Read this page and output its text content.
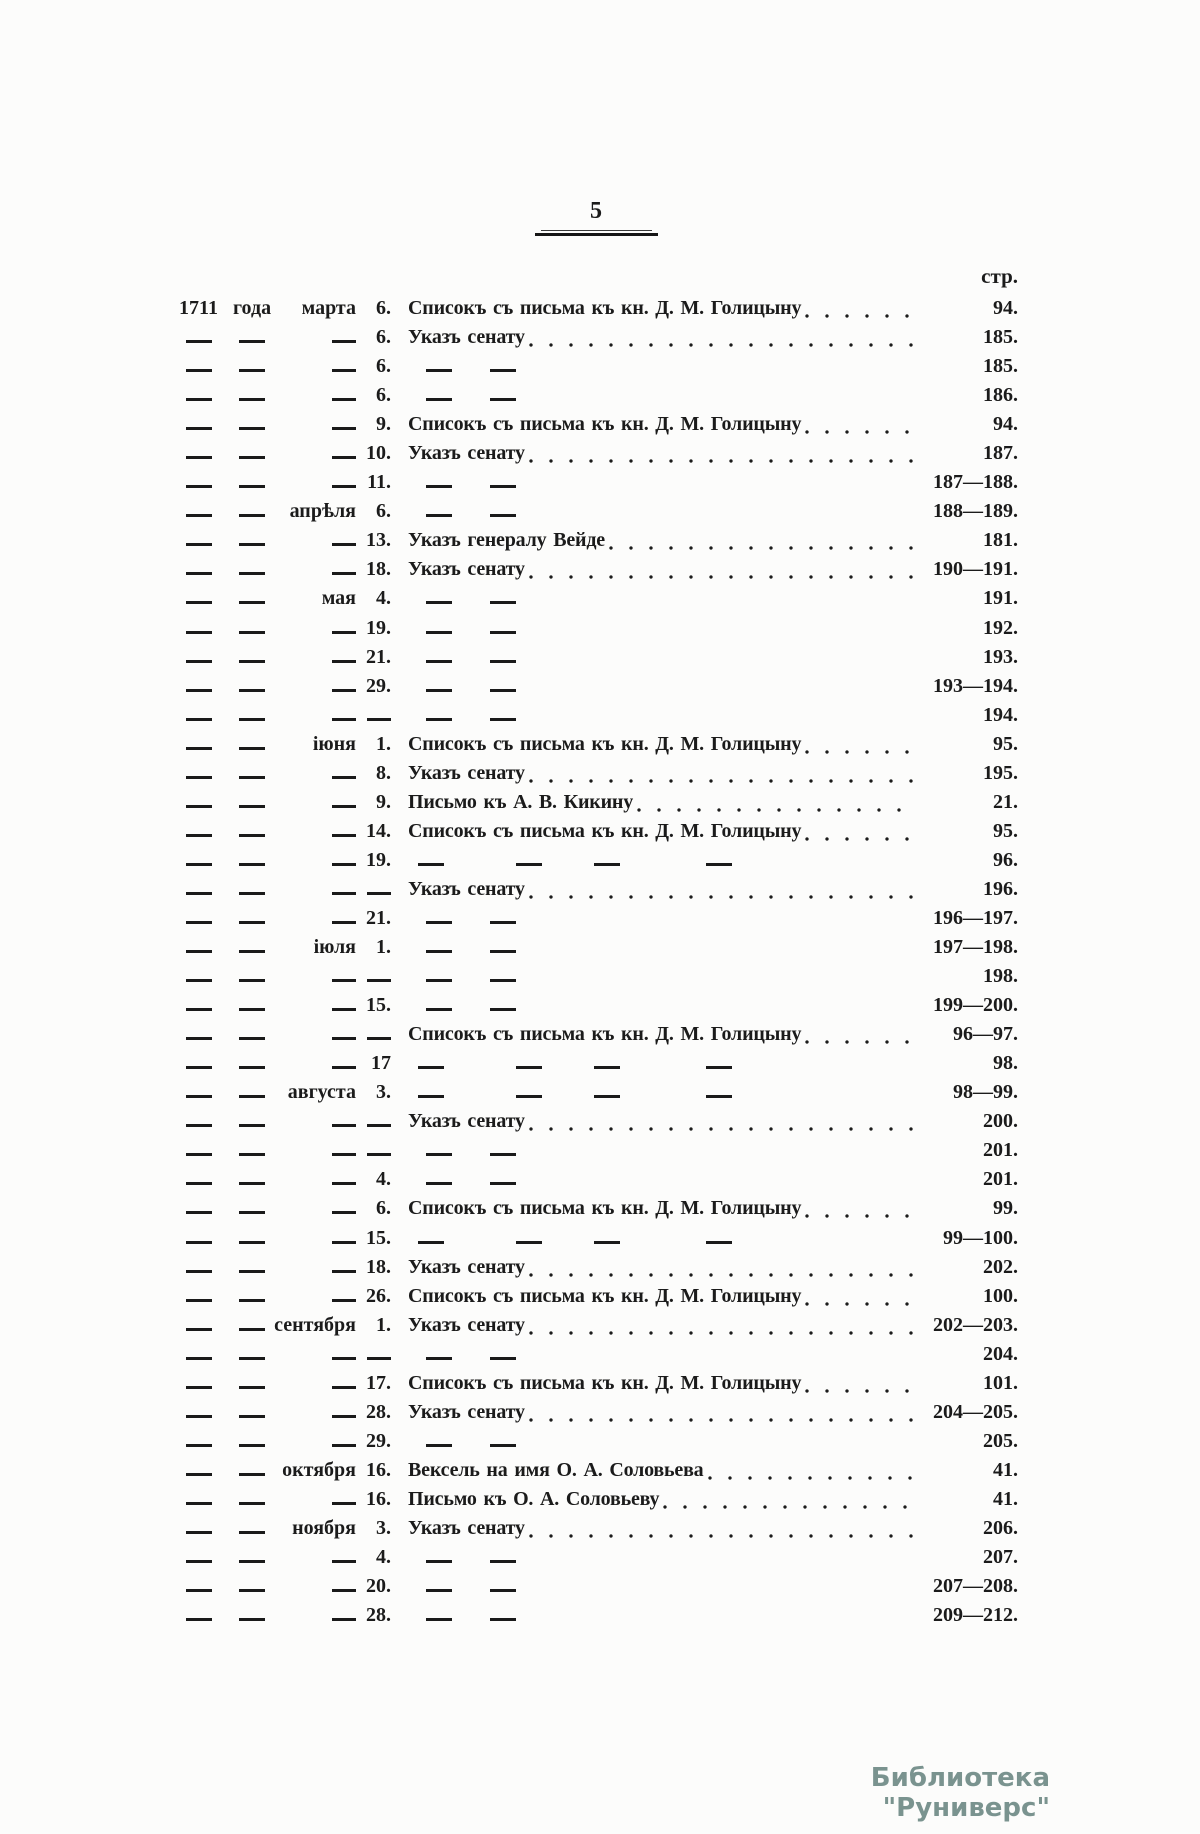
5
стр.
1711 года	марта	6. Списокъ съ письма къ кн. Д. М. Голицыну	94.
6. Указъ сенату	185.
6.	185.
6.	186.
9. Списокъ съ письма къ кн. Д. М. Голицыну	94.
10. Указъ сенату	187.
11.	187—188.
апрѣля	6.	188—189.
13. Указъ генералу Вейде	181.
18. Указъ сенату	190—191.
мая	4.	191.
19.	192.
21.	193.
29.	193—194.
194.
іюня	1. Списокъ съ письма къ кн. Д. М. Голицыну	95.
8. Указъ сенату	195.
9. Письмо къ А. В. Кикину	21.
14. Списокъ съ письма къ кн. Д. М. Голицыну	95.
19.	96.
Указъ сенату	196.
21.	196—197.
іюля	1.	197—198.
198.
15.	199—200.
Списокъ съ письма къ кн. Д. М. Голицыну	96—97.
17	98.
августа	3.	98—99.
Указъ сенату	200.
201.
4.	201.
6. Списокъ съ письма къ кн. Д. М. Голицыну	99.
15.	99—100.
18. Указъ сенату	202.
26. Списокъ съ письма къ кн. Д. М. Голицыну	100.
сентября	1. Указъ сенату	202—203.
204.
17. Списокъ съ письма къ кн. Д. М. Голицыну	101.
28. Указъ сенату	204—205.
29.	205.
октября 16. Вексель на имя О. А. Соловьева	41.
16. Письмо къ О. А. Соловьеву	41.
ноября	3. Указъ сенату	206.
4.	207.
20.	207—208.
28.	209—212.
Библиотека "Руниверс"
